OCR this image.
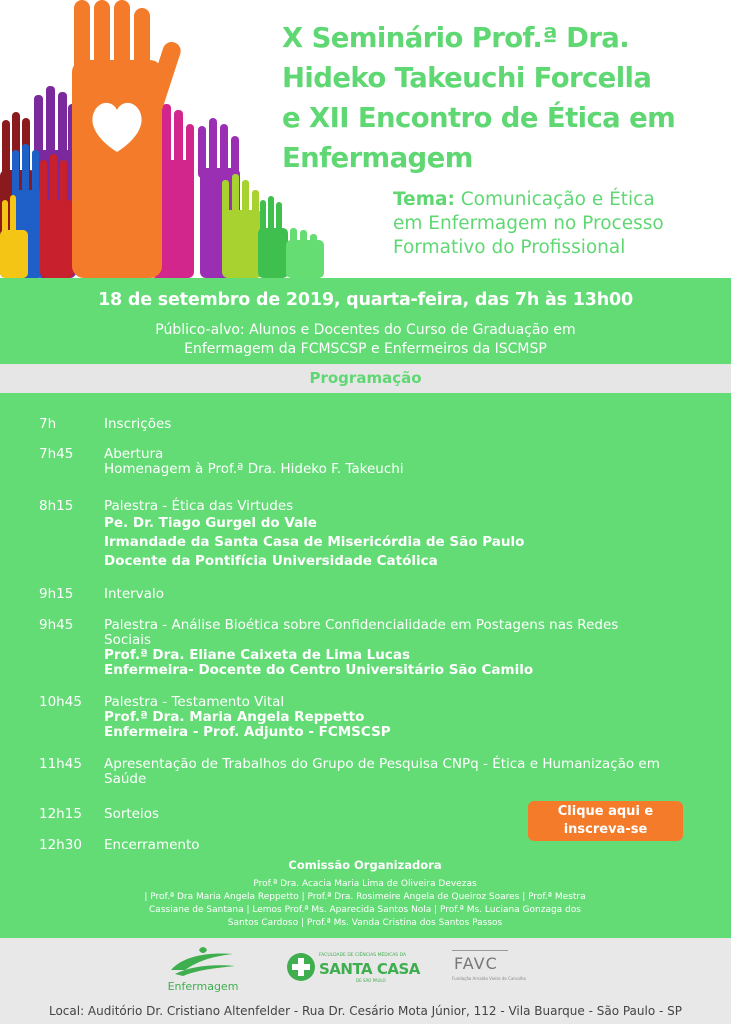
X Seminário Prof.ª Dra.
Hideko Takeuchi Forcella
e XII Encontro de Ética em
Enfermagem
Tema: Comunicação e Ética
em Enfermagem no Processo
Formativo do Profissional
18 de setembro de 2019, quarta-feira, das 7h às 13h00
Público-alvo: Alunos e Docentes do Curso de Graduação em
Enfermagem da FCMSCSP e Enfermeiros da ISCMSP
Programação
7h	Inscrições
7h45 Abertura
Homenagem à Prof.ª Dra. Hideko F. Takeuchi
8h15 Palestra - Ética das Virtudes
Pe. Dr. Tiago Gurgel do Vale
Irmandade da Santa Casa de Misericórdia de São Paulo
Docente da Pontifícia Universidade Católica
9h15 Intervalo
9h45 Palestra - Análise Bioética sobre Confidencialidade em Postagens nas Redes
Sociais
Prof.ª Dra. Eliane Caixeta de Lima Lucas
Enfermeira- Docente do Centro Universitário São Camilo
10h45 Palestra - Testamento Vital
Prof.ª Dra. Maria Angela Reppetto
Enfermeira - Prof. Adjunto - FCMSCSP
11h45 Apresentação de Trabalhos do Grupo de Pesquisa CNPq - Ética e Humanização em
Saúde
12h15 Sorteios
12h30 Encerramento
Clique aqui e
inscreva-se
Comissão Organizadora
Prof.ª Dra. Acacia Maria Lima de Oliveira Devezas
| Prof.ª Dra Maria Angela Reppetto | Prof.ª Dra. Rosimeire Angela de Queiroz Soares | Prof.ª Mestra
Cassiane de Santana | Lemos Prof.ª Ms. Aparecida Santos Nola | Prof.ª Ms. Luciana Gonzaga dos
Santos Cardoso | Prof.ª Ms. Vanda Cristina dos Santos Passos
Enfermagem
FACULDADE DE CIÊNCIAS MÉDICAS DA
SANTA CASA
DE SÃO PAULO
FAVC
Fundação Arnaldo Vieira de Carvalho
Local: Auditório Dr. Cristiano Altenfelder - Rua Dr. Cesário Mota Júnior, 112 - Vila Buarque - São Paulo - SP
